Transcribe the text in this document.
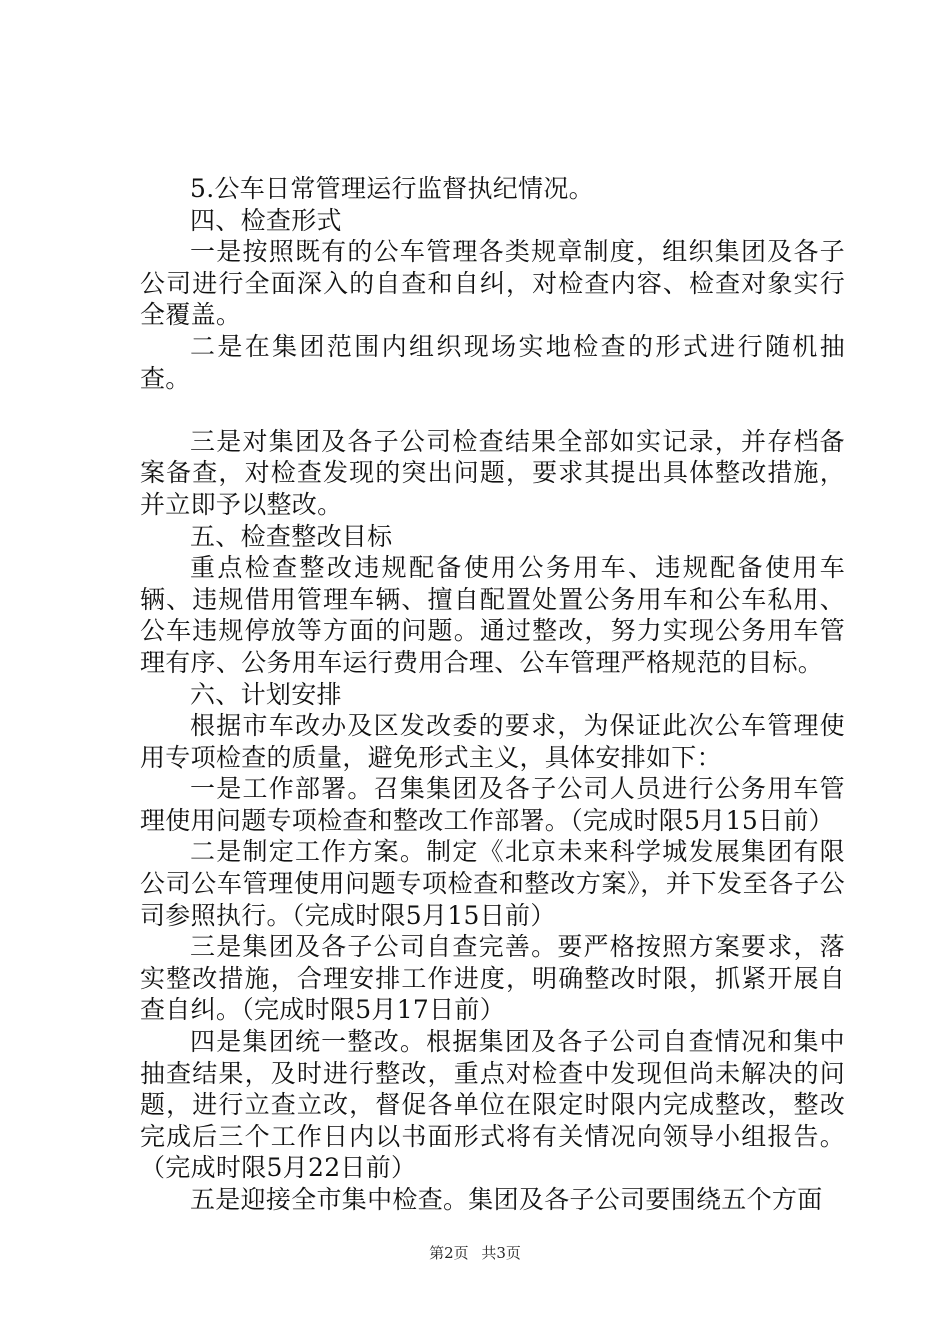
5.公车日常管理运行监督执纪情况。

四、检查形式

一是按照既有的公车管理各类规章制度，组织集团及各子公司进行全面深入的自查和自纠，对检查内容、检查对象实行全覆盖。

二是在集团范围内组织现场实地检查的形式进行随机抽查。

三是对集团及各子公司检查结果全部如实记录，并存档备案备查，对检查发现的突出问题，要求其提出具体整改措施，并立即予以整改。

五、检查整改目标

重点检查整改违规配备使用公务用车、违规配备使用车辆、违规借用管理车辆、擅自配置处置公务用车和公车私用、公车违规停放等方面的问题。通过整改，努力实现公务用车管理有序、公务用车运行费用合理、公车管理严格规范的目标。

六、计划安排

根据市车改办及区发改委的要求，为保证此次公车管理使用专项检查的质量，避免形式主义，具体安排如下：

一是工作部署。召集集团及各子公司人员进行公务用车管理使用问题专项检查和整改工作部署。（完成时限5月15日前）

二是制定工作方案。制定《北京未来科学城发展集团有限公司公车管理使用问题专项检查和整改方案》，并下发至各子公司参照执行。（完成时限5月15日前）

三是集团及各子公司自查完善。要严格按照方案要求，落实整改措施，合理安排工作进度，明确整改时限，抓紧开展自查自纠。（完成时限5月17日前）

四是集团统一整改。根据集团及各子公司自查情况和集中抽查结果，及时进行整改，重点对检查中发现但尚未解决的问题，进行立查立改，督促各单位在限定时限内完成整改，整改完成后三个工作日内以书面形式将有关情况向领导小组报告。（完成时限5月22日前）

五是迎接全市集中检查。集团及各子公司要围绕五个方面

第2页 共3页
